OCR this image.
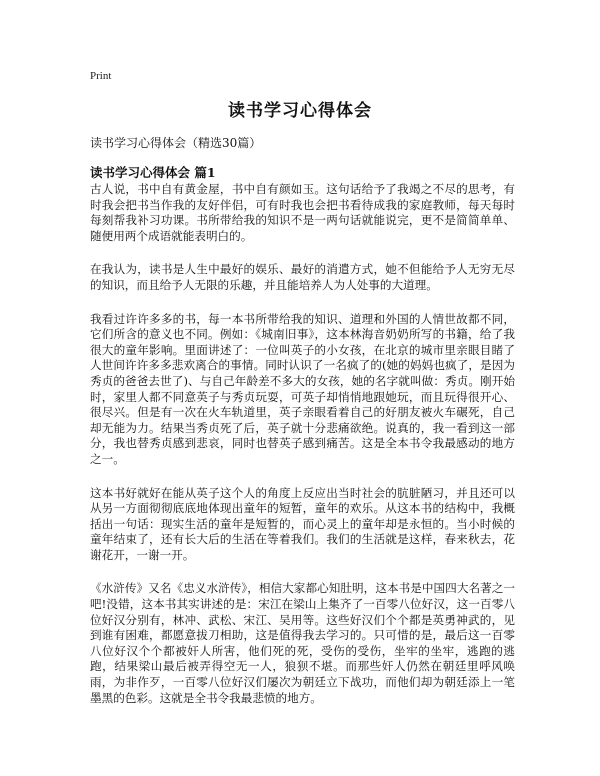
Print
读书学习心得体会

读书学习心得体会（精选30篇）

读书学习心得体会 篇1

古人说，书中自有黄金屋，书中自有颜如玉。这句话给予了我竭之不尽的思考，有时我会把书当作我的友好伴侣，可有时我也会把书看待成我的家庭教师，每天每时每刻帮我补习功课。书所带给我的知识不是一两句话就能说完，更不是简简单单、随便用两个成语就能表明白的。

在我认为，读书是人生中最好的娱乐、最好的消遣方式，她不但能给予人无穷无尽的知识，而且给予人无限的乐趣，并且能培养人为人处事的大道理。

我看过许许多多的书，每一本书所带给我的知识、道理和外国的人情世故都不同，它们所含的意义也不同。例如：《城南旧事》，这本林海音奶奶所写的书籍，给了我很大的童年影响。里面讲述了：一位叫英子的小女孩，在北京的城市里亲眼目睹了人世间许许多多悲欢离合的事情。同时认识了一名疯了的(她的妈妈也疯了，是因为秀贞的爸爸去世了)、与自己年龄差不多大的女孩，她的名字就叫做：秀贞。刚开始时，家里人都不同意英子与秀贞玩耍，可英子却悄悄地跟她玩，而且玩得很开心、很尽兴。但是有一次在火车轨道里，英子亲眼看着自己的好朋友被火车碾死，自己却无能为力。结果当秀贞死了后，英子就十分悲痛欲绝。说真的，我一看到这一部分，我也替秀贞感到悲哀，同时也替英子感到痛苦。这是全本书令我最感动的地方之一。

这本书好就好在能从英子这个人的角度上反应出当时社会的肮脏陋习，并且还可以从另一方面彻彻底底地体现出童年的短暂，童年的欢乐。从这本书的结构中，我概括出一句话：现实生活的童年是短暂的，而心灵上的童年却是永恒的。当小时候的童年结束了，还有长大后的生活在等着我们。我们的生活就是这样，春来秋去，花谢花开，一谢一开。

《水浒传》又名《忠义水浒传》，相信大家都心知肚明，这本书是中国四大名著之一吧!没错，这本书其实讲述的是：宋江在梁山上集齐了一百零八位好汉，这一百零八位好汉分别有，林冲、武松、宋江、吴用等。这些好汉们个个都是英勇神武的，见到谁有困难，都愿意拔刀相助，这是值得我去学习的。只可惜的是，最后这一百零八位好汉个个都被奸人所害，他们死的死，受伤的受伤，坐牢的坐牢，逃跑的逃跑，结果梁山最后被弄得空无一人，狼狈不堪。而那些奸人仍然在朝廷里呼风唤雨，为非作歹，一百零八位好汉们屡次为朝廷立下战功，而他们却为朝廷添上一笔墨黑的色彩。这就是全书令我最悲愤的地方。
